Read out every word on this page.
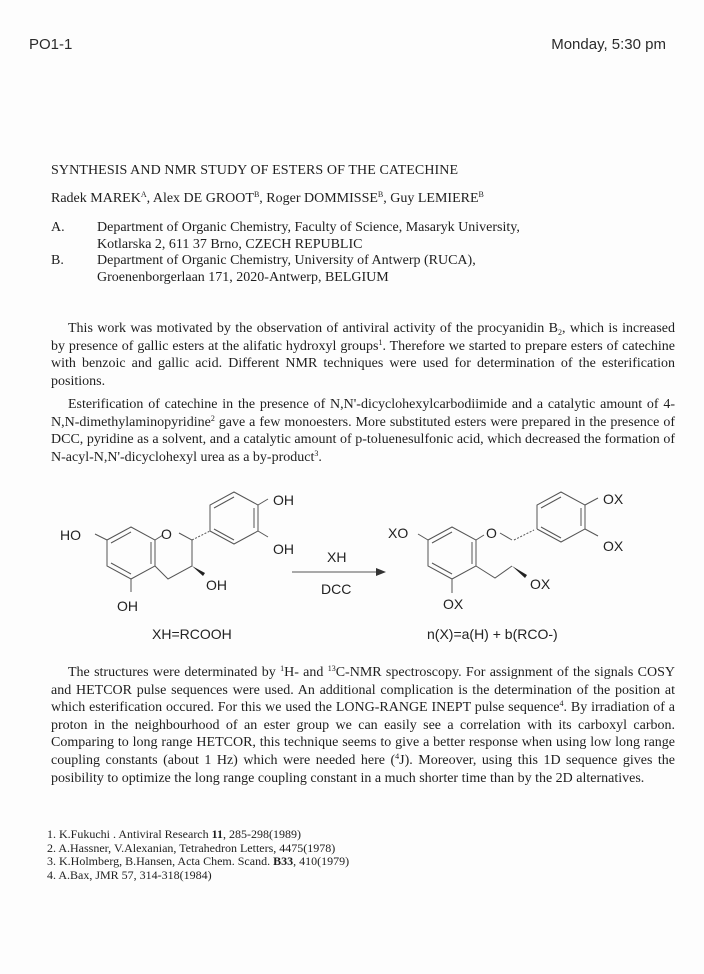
PO1-1	Monday, 5:30 pm
SYNTHESIS AND NMR STUDY OF ESTERS OF THE CATECHINE
Radek $MAREK^A$, Alex DE $GROOT^B$, Roger $DOMMISSE^B$, Guy $LEMIERE^B$
A.	Department of Organic Chemistry, Faculty of Science, Masaryk University,
Kotlarska 2, 611 37 Brno, CZECH REPUBLIC
B.	Department of Organic Chemistry, University of Antwerp (RUCA),
Groenenborgerlaan 171, 2020-Antwerp, BELGIUM
This work was motivated by the observation of antiviral activity of the procyanidin $B_2$, which is increased by presence of gallic esters at the alifatic hydroxyl groups$^1$. Therefore we started to prepare esters of catechine with benzoic and gallic acid. Different NMR techniques were used for determination of the esterification positions.
Esterification of catechine in the presence of N,N'-dicyclohexylcarbodiimide and a catalytic amount of 4-N,N-dimethylaminopyridine$^2$ gave a few monoesters. More substituted esters were prepared in the presence of DCC, pyridine as a solvent, and a catalytic amount of p-toluenesulfonic acid, which decreased the formation of N-acyl-N,N'-dicyclohexyl urea as a by-product$^3$.
OH
OH
HO	O
OH
OH
XH=RCOOH
XH
DCC
OX
OX
XO	O
OX
OX
n(X)=a(H) + b(RCO-)
The structures were determinated by $^1$H- and $^{13}$C-NMR spectroscopy. For assignment of the signals COSY and HETCOR pulse sequences were used. An additional complication is the determination of the position at which esterification occured. For this we used the LONG-RANGE INEPT pulse sequence$^4$. By irradiation of a proton in the neighbourhood of an ester group we can easily see a correlation with its carboxyl carbon. Comparing to long range HETCOR, this technique seems to give a better response when using low long range coupling constants (about 1 Hz) which were needed here ($^4$J). Moreover, using this 1D sequence gives the posibility to optimize the long range coupling constant in a much shorter time than by the 2D alternatives.
1. K.Fukuchi . Antiviral Research 11, 285-298(1989)
2. A.Hassner, V.Alexanian, Tetrahedron Letters, 4475(1978)
3. K.Holmberg, B.Hansen, Acta Chem. Scand. B33, 410(1979)
4. A.Bax, JMR 57, 314-318(1984)
